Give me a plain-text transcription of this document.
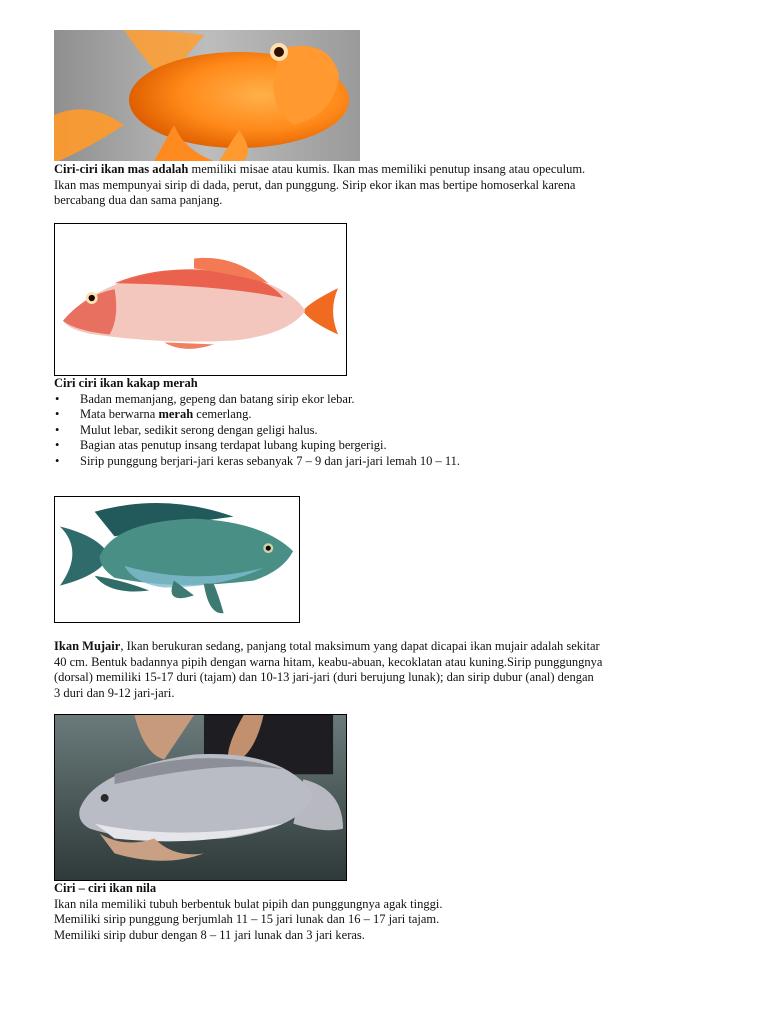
Ciri-ciri ikan mas adalah memiliki misae atau kumis. Ikan mas memiliki penutup insang atau opeculum.

Ikan mas mempunyai sirip di dada, perut, dan punggung. Sirip ekor ikan mas bertipe homoserkal karena

bercabang dua dan sama panjang.

Ciri ciri ikan kakap merah

• Badan memanjang, gepeng dan batang sirip ekor lebar.
• Mata berwarna merah cemerlang.
• Mulut lebar, sedikit serong dengan geligi halus.
• Bagian atas penutup insang terdapat lubang kuping bergerigi.
• Sirip punggung berjari-jari keras sebanyak 7 – 9 dan jari-jari lemah 10 – 11.

Ikan Mujair, Ikan berukuran sedang, panjang total maksimum yang dapat dicapai ikan mujair adalah sekitar

40 cm. Bentuk badannya pipih dengan warna hitam, keabu-abuan, kecoklatan atau kuning.Sirip punggungnya

(dorsal) memiliki 15-17 duri (tajam) dan 10-13 jari-jari (duri berujung lunak); dan sirip dubur (anal) dengan

3 duri dan 9-12 jari-jari.

Ciri – ciri ikan nila

Ikan nila memiliki tubuh berbentuk bulat pipih dan punggungnya agak tinggi.

Memiliki sirip punggung berjumlah 11 – 15 jari lunak dan 16 – 17 jari tajam.

Memiliki sirip dubur dengan 8 – 11 jari lunak dan 3 jari keras.
